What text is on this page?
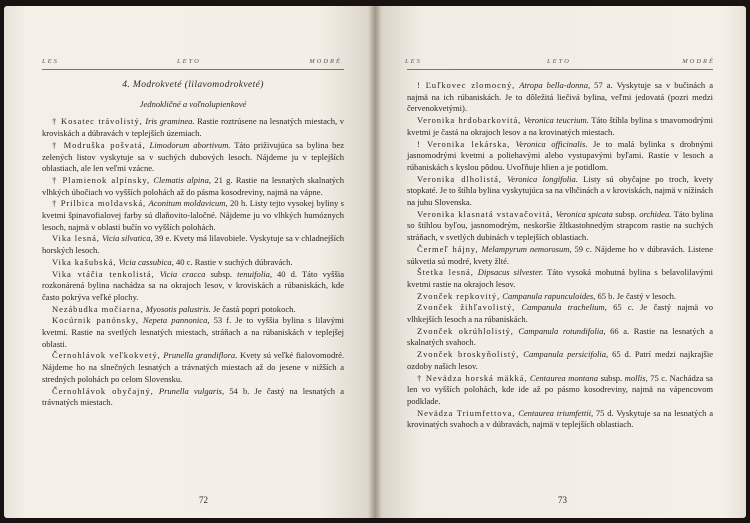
LES	LETO	MODRÉ
4. Modrokveté (lilavomodrokveté)
Jednokličné a voľnolupienkové
† Kosatec trávolistý, Iris graminea. Rastie roztrúsene na lesnatých miestach, v kroviskách a dúbravách v teplejších územiach.
† Modruška pošvatá, Limodorum abortivum. Táto priživujúca sa bylina bez zelených listov vyskytuje sa v suchých dubových lesoch. Nájdeme ju v teplejších oblastiach, ale len veľmi vzácne.
† Plamienok alpínsky, Clematis alpina, 21 g. Rastie na lesnatých skalnatých vlhkých úbočiach vo vyšších polohách až do pásma kosodreviny, najmä na vápne.
† Prilbica moldavská, Aconitum moldavicum, 20 h. Listy tejto vysokej byliny s kvetmi špinavofialovej farby sú dlaňovito-laločné. Nájdeme ju vo vlhkých humóznych lesoch, najmä v oblasti bučín vo vyšších polohách.
Vika lesná, Vicia silvatica, 39 e. Kvety má lilavobiele. Vyskytuje sa v chladnejších horských lesoch.
Vika kašubská, Vicia cassubica, 40 c. Rastie v suchých dúbravách.
Vika vtáčia tenkolistá, Vicia cracca subsp. tenuifolia, 40 d. Táto vyššia rozkonárená bylina nachádza sa na okrajoch lesov, v kroviskách a rúbaniskách, kde často pokrýva veľké plochy.
Nezábudka močiarna, Myosotis palustris. Je častá popri potokoch.
Kocúrnik panónsky, Nepeta pannonica, 53 f. Je to vyššia bylina s lilavými kvetmi. Rastie na svetlých lesnatých miestach, stráňach a na rúbaniskách v teplejšej oblasti.
Černohlávok veľkokvetý, Prunella grandiflora. Kvety sú veľké fialovomodré. Nájdeme ho na slnečných lesnatých a trávnatých miestach až do jesene v nižších a stredných polohách po celom Slovensku.
Černohlávok obyčajný, Prunella vulgaris, 54 b. Je častý na lesnatých a trávnatých miestach.
72
LES	LETO	MODRÉ
! Ľuľkovec zlomocný, Atropa bella-donna, 57 a. Vyskytuje sa v bučinách a najmä na ich rúbaniskách. Je to dôležitá liečivá bylina, veľmi jedovatá (pozri medzi červenokvetými).
Veronika hrdobarkovitá, Veronica teucrium. Táto štíhla bylina s tmavomodrými kvetmi je častá na okrajoch lesov a na krovinatých miestach.
! Veronika lekárska, Veronica officinalis. Je to malá bylinka s drobnými jasnomodrými kvetmi a poliehavými alebo vystupavými byľami. Rastie v lesoch a rúbaniskách s kyslou pôdou. Uvoľňuje hlien a je potidlom.
Veronika dlholistá, Veronica longifolia. Listy sú obyčajne po troch, kvety stopkaté. Je to štíhla bylina vyskytujúca sa na vlhčinách a v kroviskách, najmä v nížinách na juhu Slovenska.
Veronika klasnatá vstavačovitá, Veronica spicata subsp. orchidea. Táto bylina so štíhlou byľou, jasnomodrým, neskoršie žltkastohnedým strapcom rastie na suchých stráňach, v svetlých dubinách v teplejších oblastiach.
Čermeľ hájny, Melampyrum nemorosum, 59 c. Nájdeme ho v dúbravách. Listene súkvetia sú modré, kvety žlté.
Štetka lesná, Dipsacus silvester. Táto vysoká mohutná bylina s belavolilavými kvetmi rastie na okrajoch lesov.
Zvonček repkovitý, Campanula rapunculoides, 65 b. Je častý v lesoch.
Zvonček žihľavolistý, Campanula trachelium, 65 c. Je častý najmä vo vlhkejších lesoch a na rúbaniskách.
Zvonček okrúhlolistý, Campanula rotundifolia, 66 a. Rastie na lesnatých a skalnatých svahoch.
Zvonček broskyňolistý, Campanula persicifolia, 65 d. Patrí medzi najkrajšie ozdoby našich lesov.
† Nevädza horská mäkká, Centaurea montana subsp. mollis, 75 c. Nachádza sa len vo vyšších polohách, kde ide až po pásmo kosodreviny, najmä na vápencovom podklade.
Nevädza Triumfettova, Centaurea triumfettii, 75 d. Vyskytuje sa na lesnatých a krovinatých svahoch a v dúbravách, najmä v teplejších oblastiach.
73
